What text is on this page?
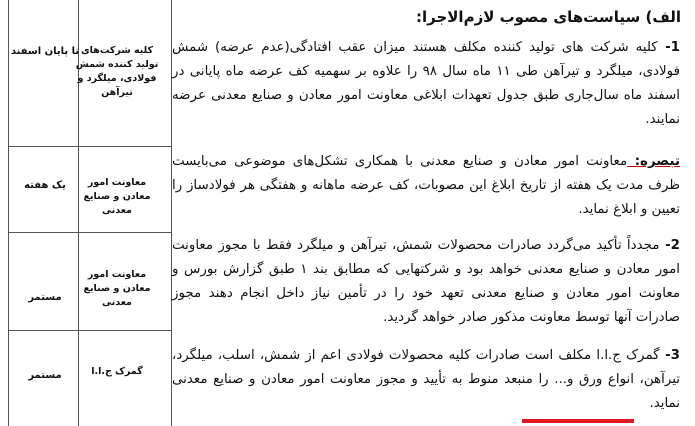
تا پایان اسفند
یک هفته
مستمر
مستمر
کلیه شرکت‌های تولید کننده شمش فولادی، میلگرد و تیرآهن
معاونت امور معادن و صنایع معدنی
معاونت امور معادن و صنایع معدنی
گمرک ج.ا.ا
الف) سیاست‌های مصوب لازم‌الاجرا:
1- کلیه شرکت های تولید کننده مکلف هستند میزان عقب افتادگی(عدم عرضه) شمش فولادی، میلگرد و تیرآهن طی ۱۱ ماه سال ۹۸ را علاوه بر سهمیه کف عرضه ماه پایانی در اسفند ماه سال‌جاری طبق جدول تعهدات ابلاغی معاونت امور معادن و صنایع معدنی عرضه نمایند.
تبصره: معاونت امور معادن و صنایع معدنی با همکاری تشکل‌های موضوعی می‌بایست ظرف مدت یک هفته از تاریخ ابلاغ این مصوبات، کف عرضه ماهانه و هفتگی هر فولادساز را تعیین و ابلاغ نماید.
2- مجدداً تأکید می‌گردد صادرات محصولات شمش، تیرآهن و میلگرد فقط با مجوز معاونت امور معادن و صنایع معدنی خواهد بود و شرکتهایی که مطابق بند ۱ طبق گزارش بورس و معاونت امور معادن و صنایع معدنی تعهد خود را در تأمین نیاز داخل انجام دهند مجوز صادرات آنها توسط معاونت مذکور صادر خواهد گردید.
3- گمرک ج.ا.ا مکلف است صادرات کلیه محصولات فولادی اعم از شمش، اسلب، میلگرد، تیرآهن، انواع ورق و... را منبعد منوط به تأیید و مجوز معاونت امور معادن و صنایع معدنی نماید.
